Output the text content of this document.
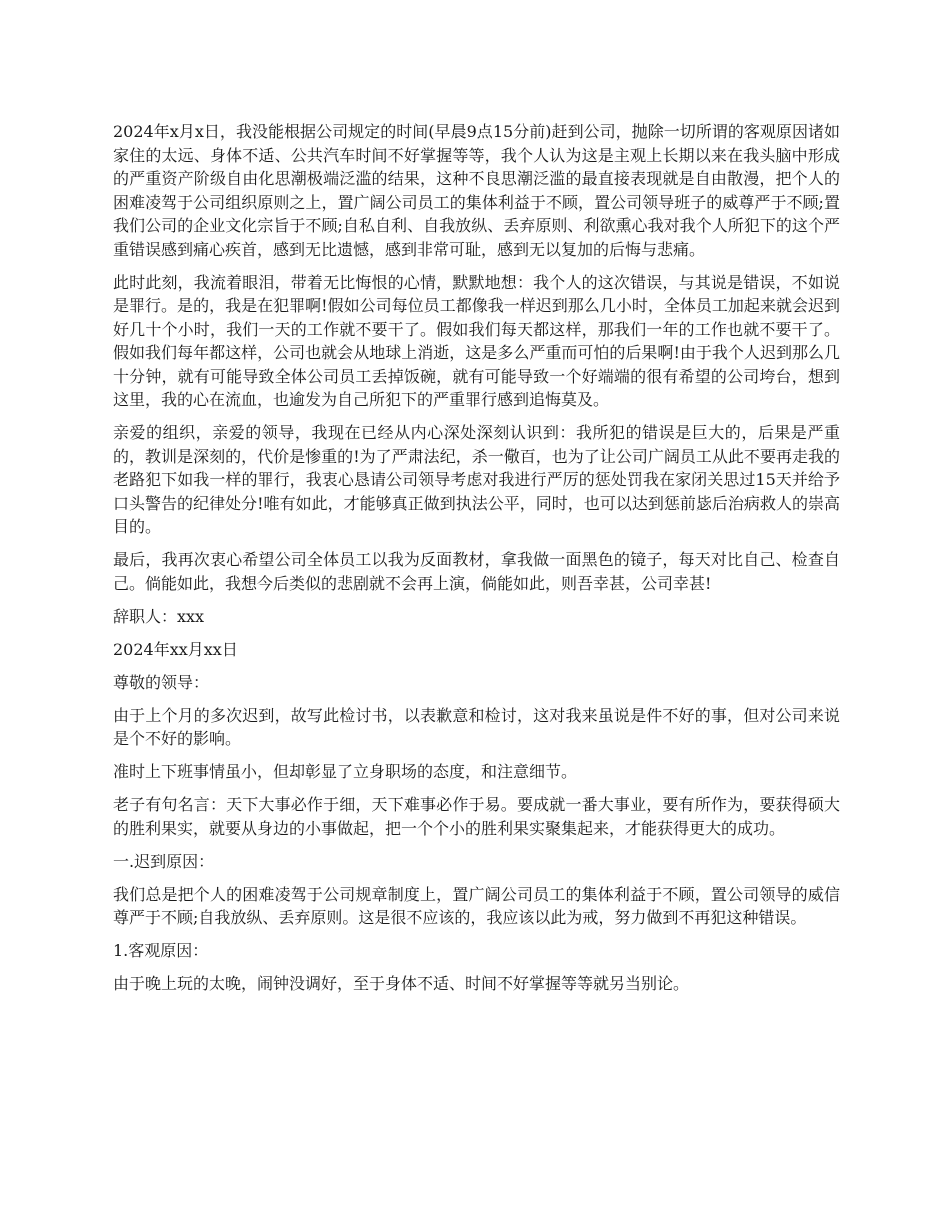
2024年x月x日，我没能根据公司规定的时间(早晨9点15分前)赶到公司，抛除一切所谓的客观原因诸如家住的太远、身体不适、公共汽车时间不好掌握等等，我个人认为这是主观上长期以来在我头脑中形成的严重资产阶级自由化思潮极端泛滥的结果，这种不良思潮泛滥的最直接表现就是自由散漫，把个人的困难凌驾于公司组织原则之上，置广阔公司员工的集体利益于不顾，置公司领导班子的威尊严于不顾;置我们公司的企业文化宗旨于不顾;自私自利、自我放纵、丢弃原则、利欲熏心我对我个人所犯下的这个严重错误感到痛心疾首，感到无比遗憾，感到非常可耻，感到无以复加的后悔与悲痛。

此时此刻，我流着眼泪，带着无比悔恨的心情，默默地想：我个人的这次错误，与其说是错误，不如说是罪行。是的，我是在犯罪啊!假如公司每位员工都像我一样迟到那么几小时，全体员工加起来就会迟到好几十个小时，我们一天的工作就不要干了。假如我们每天都这样，那我们一年的工作也就不要干了。假如我们每年都这样，公司也就会从地球上消逝，这是多么严重而可怕的后果啊!由于我个人迟到那么几十分钟，就有可能导致全体公司员工丢掉饭碗，就有可能导致一个好端端的很有希望的公司垮台，想到这里，我的心在流血，也逾发为自己所犯下的严重罪行感到追悔莫及。

亲爱的组织，亲爱的领导，我现在已经从内心深处深刻认识到：我所犯的错误是巨大的，后果是严重的，教训是深刻的，代价是惨重的!为了严肃法纪，杀一儆百，也为了让公司广阔员工从此不要再走我的老路犯下如我一样的罪行，我衷心恳请公司领导考虑对我进行严厉的惩处罚我在家闭关思过15天并给予口头警告的纪律处分!唯有如此，才能够真正做到执法公平，同时，也可以达到惩前毖后治病救人的崇高目的。

最后，我再次衷心希望公司全体员工以我为反面教材，拿我做一面黑色的镜子，每天对比自己、检查自己。倘能如此，我想今后类似的悲剧就不会再上演，倘能如此，则吾幸甚，公司幸甚!

辞职人：xxx

2024年xx月xx日

尊敬的领导：

由于上个月的多次迟到，故写此检讨书，以表歉意和检讨，这对我来虽说是件不好的事，但对公司来说是个不好的影响。

准时上下班事情虽小，但却彰显了立身职场的态度，和注意细节。

老子有句名言：天下大事必作于细，天下难事必作于易。要成就一番大事业，要有所作为，要获得硕大的胜利果实，就要从身边的小事做起，把一个个小的胜利果实聚集起来，才能获得更大的成功。

一.迟到原因：

我们总是把个人的困难凌驾于公司规章制度上，置广阔公司员工的集体利益于不顾，置公司领导的威信尊严于不顾;自我放纵、丢弃原则。这是很不应该的，我应该以此为戒，努力做到不再犯这种错误。

1.客观原因：

由于晚上玩的太晚，闹钟没调好，至于身体不适、时间不好掌握等等就另当别论。
